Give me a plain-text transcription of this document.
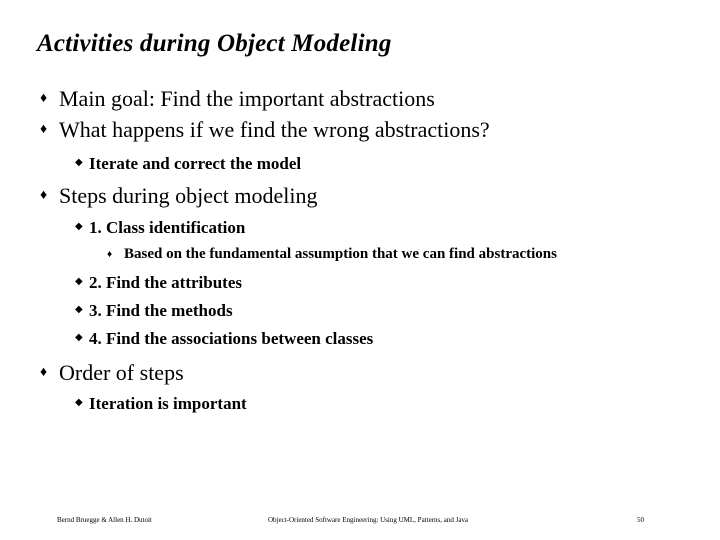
Activities during Object Modeling
♦ Main goal: Find the important abstractions
♦ What happens if we find the wrong abstractions?
◆ Iterate and correct the model
♦ Steps during object modeling
◆ 1. Class identification
♦ Based on the fundamental assumption that we can find abstractions
◆ 2. Find the attributes
◆ 3. Find the methods
◆ 4. Find the associations between classes
♦ Order of steps
◆ Iteration is important
Bernd Bruegge & Allen H. Dutoit	Object-Oriented Software Engineering: Using UML, Patterns, and Java	50
